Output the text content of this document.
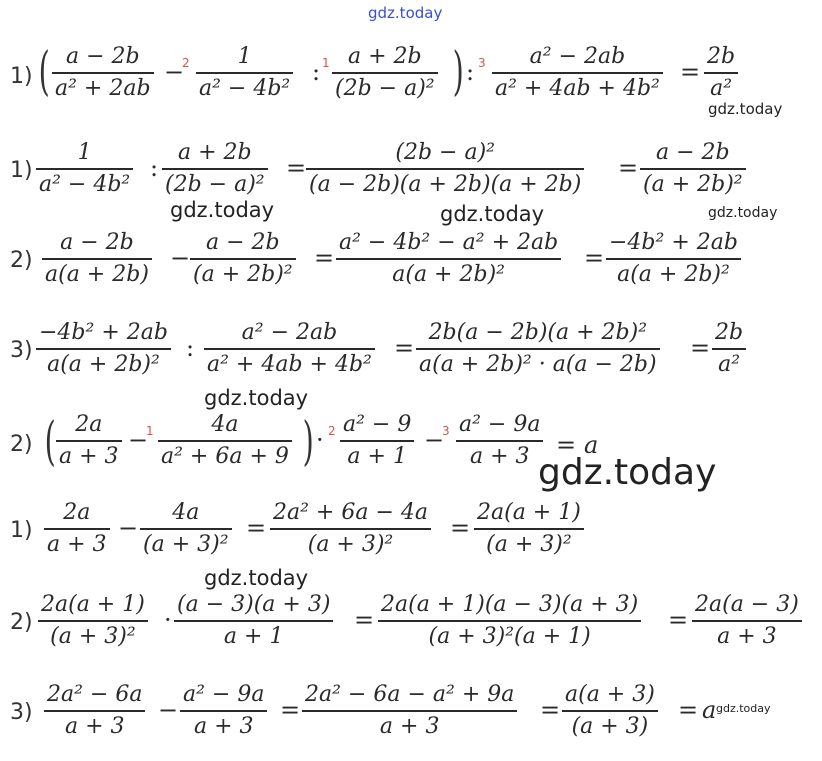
gdz.today
1) ( a − 2b
a² + 2ab
−
2 1
a² − 4b²
: 1 a + 2b
(2b − a)² ) : 3 a² − 2ab
a² + 4ab + 4b²
=
2b
a²
gdz.today
1)
1
a² − 4b²
:
a + 2b
(2b − a)²
=
(2b − a)²
(a − 2b)(a + 2b)(a + 2b)
=
a − 2b
(a + 2b)²
gdz.today	gdz.today	gdz.today
2)
a − 2b
a(a + 2b)
−
a − 2b
(a + 2b)²
=
a² − 4b² − a² + 2ab
a(a + 2b)²
=
−4b² + 2ab
a(a + 2b)²
3)
−4b² + 2ab
a(a + 2b)²
:
a² − 2ab
a² + 4ab + 4b²
=
2b(a − 2b)(a + 2b)²
a(a + 2b)² · a(a − 2b)
=
2b
a²
gdz.today
2) ( 2a
a + 3
−
1	4a
a² + 6a + 9 ) · 2 a² − 9
a + 1
−
3 a² − 9a
a + 3 = a
gdz.today
1)
2a
a + 3
−
4a
(a + 3)²
=
2a² + 6a − 4a
(a + 3)²
=
2a(a + 1)
(a + 3)²
gdz.today
2)
2a(a + 1)
(a + 3)²
·
(a − 3)(a + 3)
a + 1
=
2a(a + 1)(a − 3)(a + 3)
(a + 3)²(a + 1)
=
2a(a − 3)
a + 3
3)
2a² − 6a
a + 3
−
a² − 9a
a + 3
=
2a² − 6a − a² + 9a
a + 3
=
a(a + 3)
(a + 3)
= a gdz.today
